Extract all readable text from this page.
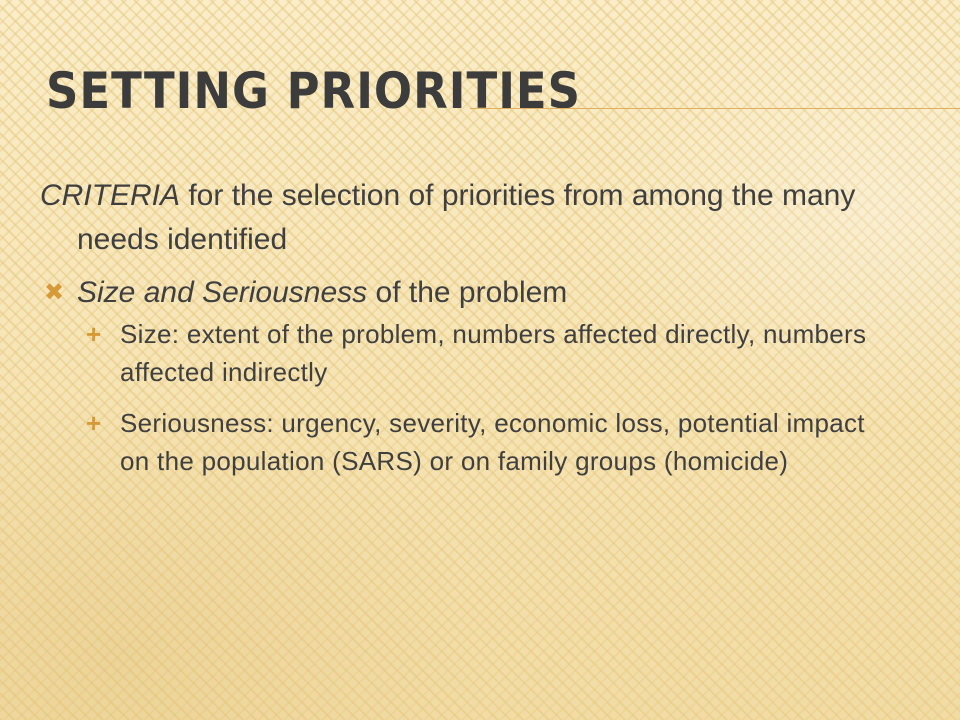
SETTING PRIORITIES

CRITERIA for the selection of priorities from among the many needs identified

✖ Size and Seriousness of the problem
+ Size: extent of the problem, numbers affected directly, numbers affected indirectly
+ Seriousness: urgency, severity, economic loss, potential impact on the population (SARS) or on family groups (homicide)
